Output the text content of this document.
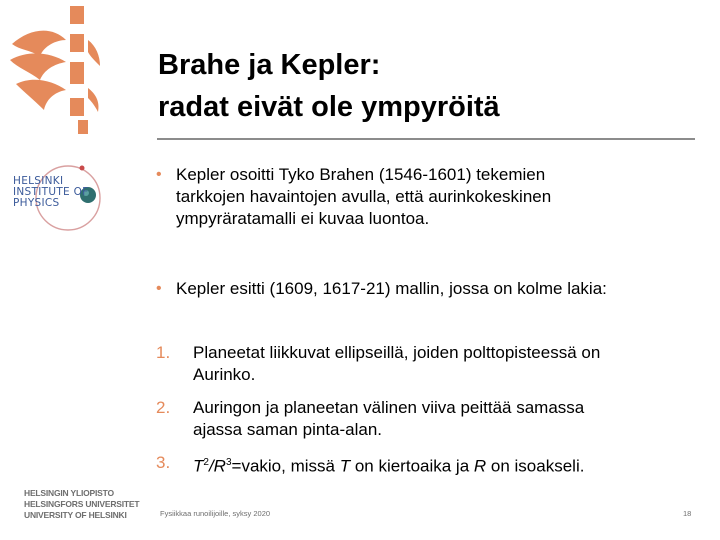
HELSINKI
INSTITUTE OF
PHYSICS
Brahe ja Kepler:
radat eivät ole ympyröitä
• Kepler osoitti Tyko Brahen (1546-1601) tekemien
tarkkojen havaintojen avulla, että aurinkokeskinen
ympyräratamalli ei kuvaa luontoa.
• Kepler esitti (1609, 1617-21) mallin, jossa on kolme lakia:
1. Planeetat liikkuvat ellipseillä, joiden polttopisteessä on
Aurinko.
2. Auringon ja planeetan välinen viiva peittää samassa
ajassa saman pinta-alan.
3. $T^2/R^3=vakio$, missä T on kiertoaika ja R on isoakseli.
HELSINGIN YLIOPISTO
HELSINGFORS UNIVERSITET
UNIVERSITY OF HELSINKI	Fysiikkaa runoilijoille, syksy 2020	18
